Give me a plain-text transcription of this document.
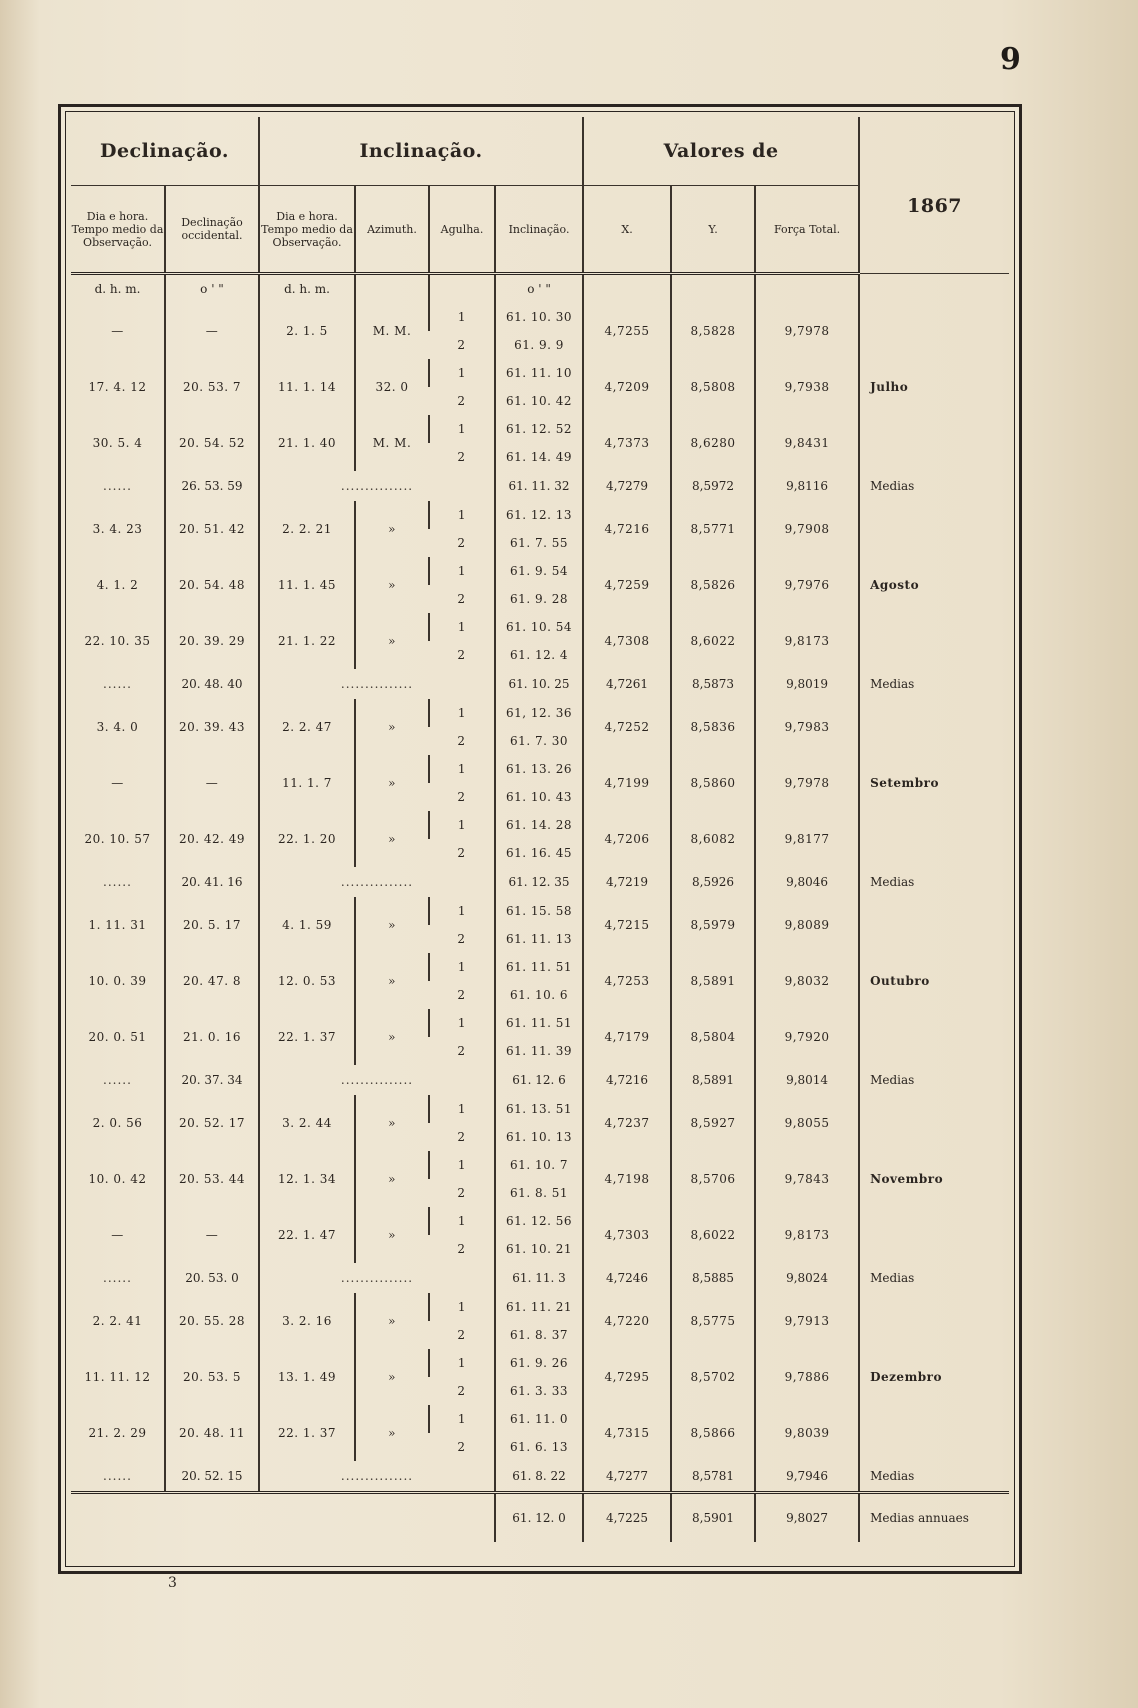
9
Declinação.		Inclinação.				Valores de			1867
Dia e hora. Tempo medio da Observação.	Declinação occidental.	Dia e hora. Tempo medio da Observação.	Azimuth.	Agulha.	Inclinação.	X.	Y.	Força Total.	
d. h. m.	o ' "	d. h. m.			o ' "				
—	—	2. 1. 5	M. M.	1	61. 10. 30	4,7255	8,5828	9,7978	Julho
				2	61. 9. 9				
17. 4. 12	20. 53. 7	11. 1. 14	32. 0	1	61. 11. 10	4,7209	8,5808	9,7938	
				2	61. 10. 42				
30. 5. 4	20. 54. 52	21. 1. 40	M. M.	1	61. 12. 52	4,7373	8,6280	9,8431	
				2	61. 14. 49				
......	26. 53. 59	...............			61. 11. 32	4,7279	8,5972	9,8116	Medias
3. 4. 23	20. 51. 42	2. 2. 21	»	1	61. 12. 13	4,7216	8,5771	9,7908	Agosto
				2	61. 7. 55				
4. 1. 2	20. 54. 48	11. 1. 45	»	1	61. 9. 54	4,7259	8,5826	9,7976	
				2	61. 9. 28				
22. 10. 35	20. 39. 29	21. 1. 22	»	1	61. 10. 54	4,7308	8,6022	9,8173	
				2	61. 12. 4				
......	20. 48. 40	...............			61. 10. 25	4,7261	8,5873	9,8019	Medias
3. 4. 0	20. 39. 43	2. 2. 47	»	1	61, 12. 36	4,7252	8,5836	9,7983	Setembro
				2	61. 7. 30				
—	—	11. 1. 7	»	1	61. 13. 26	4,7199	8,5860	9,7978	
				2	61. 10. 43				
20. 10. 57	20. 42. 49	22. 1. 20	»	1	61. 14. 28	4,7206	8,6082	9,8177	
				2	61. 16. 45				
......	20. 41. 16	...............			61. 12. 35	4,7219	8,5926	9,8046	Medias
1. 11. 31	20. 5. 17	4. 1. 59	»	1	61. 15. 58	4,7215	8,5979	9,8089	Outubro
				2	61. 11. 13				
10. 0. 39	20. 47. 8	12. 0. 53	»	1	61. 11. 51	4,7253	8,5891	9,8032	
				2	61. 10. 6				
20. 0. 51	21. 0. 16	22. 1. 37	»	1	61. 11. 51	4,7179	8,5804	9,7920	
				2	61. 11. 39				
......	20. 37. 34	...............			61. 12. 6	4,7216	8,5891	9,8014	Medias
2. 0. 56	20. 52. 17	3. 2. 44	»	1	61. 13. 51	4,7237	8,5927	9,8055	Novembro
				2	61. 10. 13				
10. 0. 42	20. 53. 44	12. 1. 34	»	1	61. 10. 7	4,7198	8,5706	9,7843	
				2	61. 8. 51				
—	—	22. 1. 47	»	1	61. 12. 56	4,7303	8,6022	9,8173	
				2	61. 10. 21				
......	20. 53. 0	...............			61. 11. 3	4,7246	8,5885	9,8024	Medias
2. 2. 41	20. 55. 28	3. 2. 16	»	1	61. 11. 21	4,7220	8,5775	9,7913	Dezembro
				2	61. 8. 37				
11. 11. 12	20. 53. 5	13. 1. 49	»	1	61. 9. 26	4,7295	8,5702	9,7886	
				2	61. 3. 33				
21. 2. 29	20. 48. 11	22. 1. 37	»	1	61. 11. 0	4,7315	8,5866	9,8039	
				2	61. 6. 13				
......	20. 52. 15	...............			61. 8. 22	4,7277	8,5781	9,7946	Medias
					61. 12. 0	4,7225	8,5901	9,8027	Medias annuaes
3
